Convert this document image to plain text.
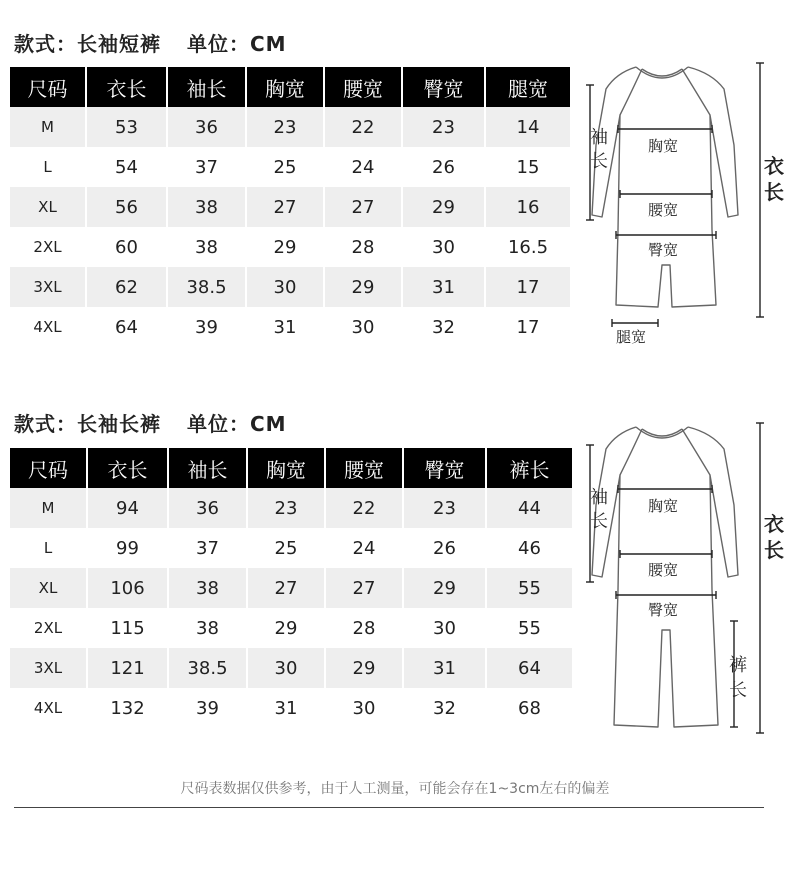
款式：长袖短裤 单位：CM
尺码	衣长	袖长	胸宽	腰宽	臀宽	腿宽
M	53	36	23	22	23	14
L	54	37	25	24	26	15
XL	56	38	27	27	29	16
2XL	60	38	29	28	30	16.5
3XL	62	38.5	30	29	31	17
4XL	64	39	31	30	32	17
袖
长
胸宽
腰宽
臀宽
腿宽
衣
长
款式：长袖长裤 单位：CM
尺码	衣长	袖长	胸宽	腰宽	臀宽	裤长
M	94	36	23	22	23	44
L	99	37	25	24	26	46
XL	106	38	27	27	29	55
2XL	115	38	29	28	30	55
3XL	121	38.5	30	29	31	64
4XL	132	39	31	30	32	68
袖
长
胸宽
腰宽
臀宽
裤
长
衣
长
尺码表数据仅供参考，由于人工测量，可能会存在1~3cm左右的偏差
